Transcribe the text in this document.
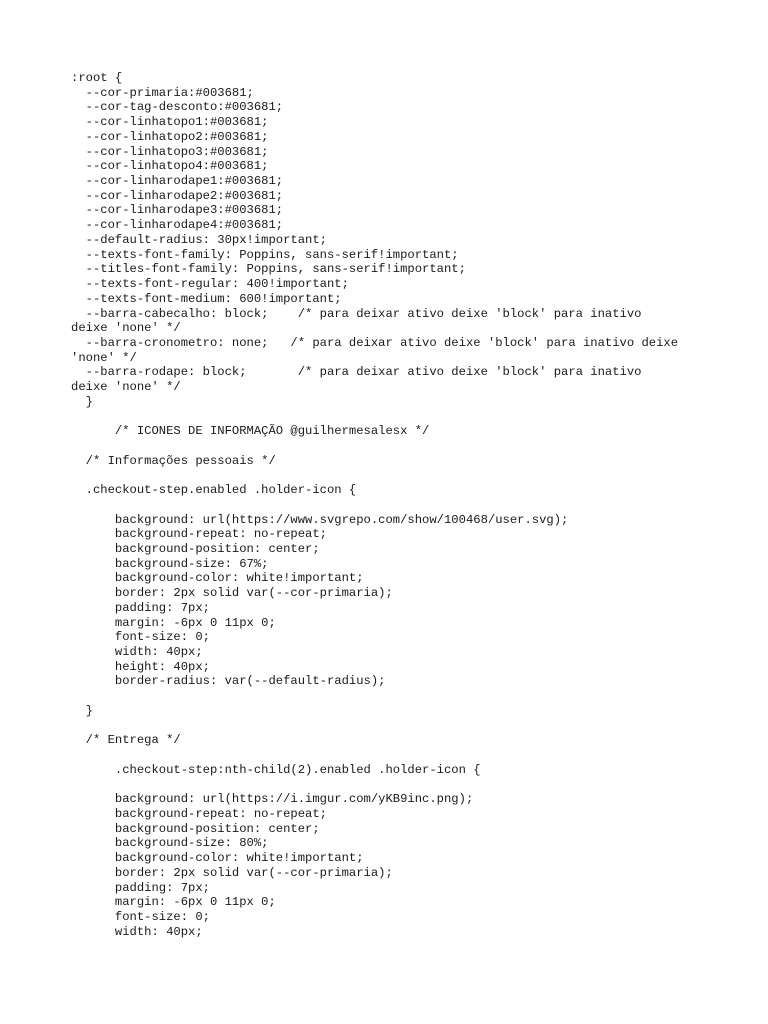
:root {
--cor-primaria:#003681;
--cor-tag-desconto:#003681;
--cor-linhatopo1:#003681;
--cor-linhatopo2:#003681;
--cor-linhatopo3:#003681;
--cor-linhatopo4:#003681;
--cor-linharodape1:#003681;
--cor-linharodape2:#003681;
--cor-linharodape3:#003681;
--cor-linharodape4:#003681;
--default-radius: 30px!important;
--texts-font-family: Poppins, sans-serif!important;
--titles-font-family: Poppins, sans-serif!important;
--texts-font-regular: 400!important;
--texts-font-medium: 600!important;
--barra-cabecalho: block;    /* para deixar ativo deixe 'block' para inativo
deixe 'none' */
--barra-cronometro: none;   /* para deixar ativo deixe 'block' para inativo deixe
'none' */
--barra-rodape: block;       /* para deixar ativo deixe 'block' para inativo
deixe 'none' */
}
/* ICONES DE INFORMAÇÃO @guilhermesalesx */
/* Informações pessoais */
.checkout-step.enabled .holder-icon {
background: url(https://www.svgrepo.com/show/100468/user.svg);
background-repeat: no-repeat;
background-position: center;
background-size: 67%;
background-color: white!important;
border: 2px solid var(--cor-primaria);
padding: 7px;
margin: -6px 0 11px 0;
font-size: 0;
width: 40px;
height: 40px;
border-radius: var(--default-radius);
}
/* Entrega */
.checkout-step:nth-child(2).enabled .holder-icon {
background: url(https://i.imgur.com/yKB9inc.png);
background-repeat: no-repeat;
background-position: center;
background-size: 80%;
background-color: white!important;
border: 2px solid var(--cor-primaria);
padding: 7px;
margin: -6px 0 11px 0;
font-size: 0;
width: 40px;
